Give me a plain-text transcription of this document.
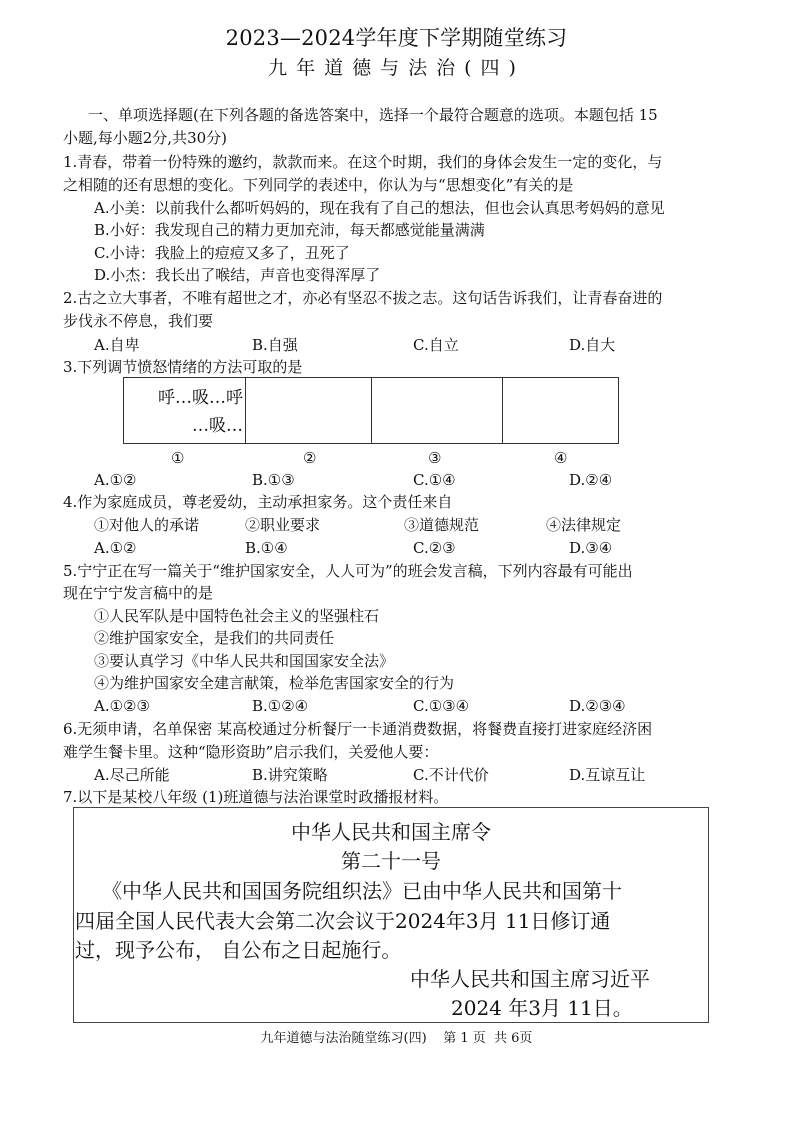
2023—2024学年度下学期随堂练习
九年道德与法治(四)
一、单项选择题(在下列各题的备选答案中，选择一个最符合题意的选项。本题包括 15
小题,每小题2分,共30分)
1.青春，带着一份特殊的邀约，款款而来。在这个时期，我们的身体会发生一定的变化，与
之相随的还有思想的变化。下列同学的表述中，你认为与“思想变化”有关的是
A.小美：以前我什么都听妈妈的，现在我有了自己的想法，但也会认真思考妈妈的意见
B.小好：我发现自己的精力更加充沛，每天都感觉能量满满
C.小诗：我脸上的痘痘又多了，丑死了
D.小杰：我长出了喉结，声音也变得浑厚了
2.古之立大事者，不唯有超世之才，亦必有坚忍不拔之志。这句话告诉我们，让青春奋进的
步伐永不停息，我们要
A.自卑	B.自强	C.自立	D.自大
3.下列调节愤怒情绪的方法可取的是
呼…吸…呼
…吸…
①	②	③	④
A.①②	B.①③	C.①④	D.②④
4.作为家庭成员，尊老爱幼，主动承担家务。这个责任来自
①对他人的承诺	②职业要求	③道德规范	④法律规定
A.①②	B.①④	C.②③	D.③④
5.宁宁正在写一篇关于“维护国家安全，人人可为”的班会发言稿，下列内容最有可能出
现在宁宁发言稿中的是
①人民军队是中国特色社会主义的坚强柱石
②维护国家安全，是我们的共同责任
③要认真学习《中华人民共和国国家安全法》
④为维护国家安全建言献策，检举危害国家安全的行为
A.①②③	B.①②④	C.①③④	D.②③④
6.无须申请，名单保密 某高校通过分析餐厅一卡通消费数据，将餐费直接打进家庭经济困
难学生餐卡里。这种“隐形资助”启示我们，关爱他人要：
A.尽己所能	B.讲究策略	C.不计代价	D.互谅互让
7.以下是某校八年级 (1)班道德与法治课堂时政播报材料。
中华人民共和国主席令
第二十一号
《中华人民共和国国务院组织法》已由中华人民共和国第十
四届全国人民代表大会第二次会议于2024年3月 11日修订通
过，现予公布， 自公布之日起施行。
中华人民共和国主席习近平
2024 年3月 11日。
九年道德与法治随堂练习(四)    第 1 页  共 6页
